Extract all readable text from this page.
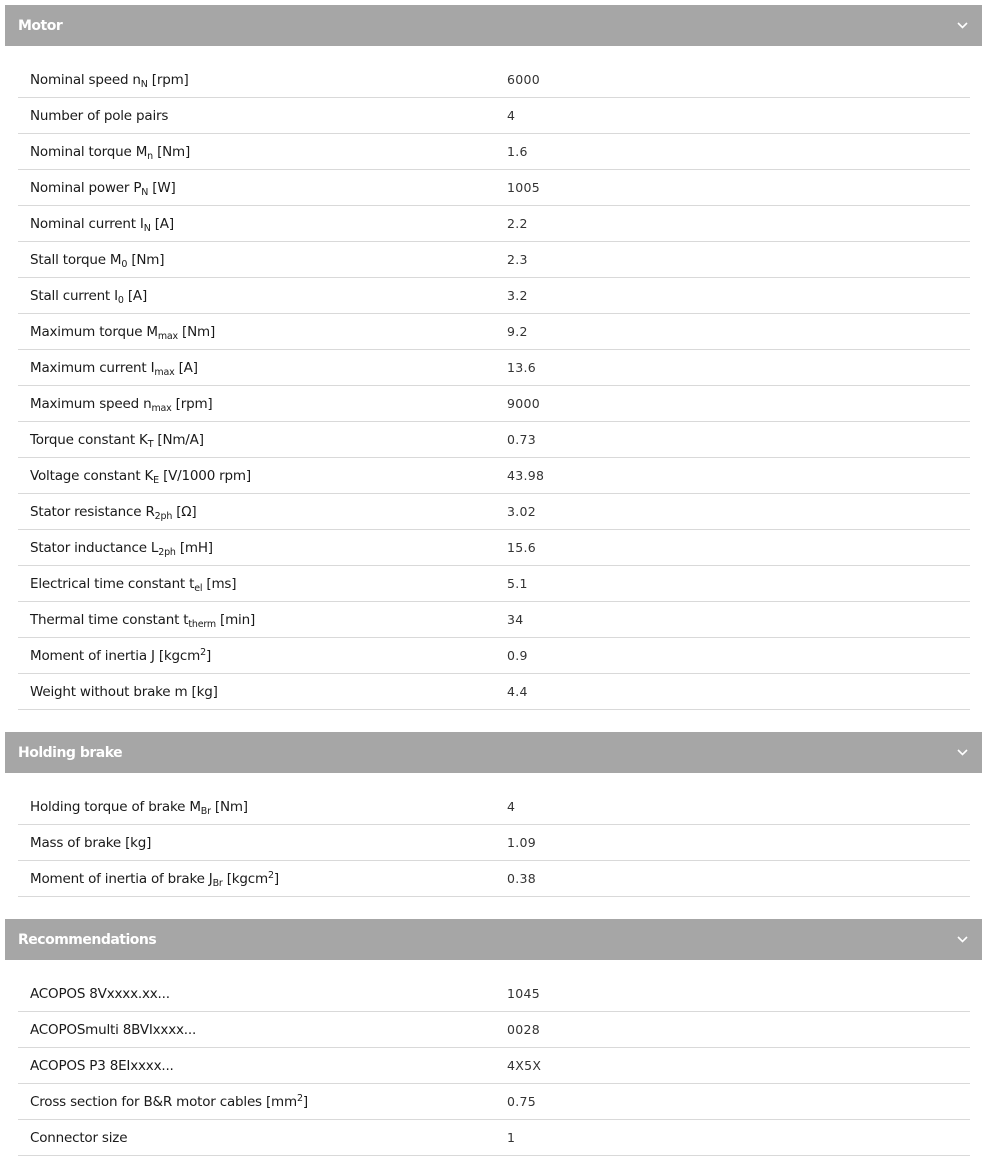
Motor
Nominal speed $n_N$ [rpm]	6000
Number of pole pairs	4
Nominal torque $M_n$ [Nm]	1.6
Nominal power $P_N$ [W]	1005
Nominal current $I_N$ [A]	2.2
Stall torque $M_0$ [Nm]	2.3
Stall current $I_0$ [A]	3.2
Maximum torque $M_{max}$ [Nm]	9.2
Maximum current $I_{max}$ [A]	13.6
Maximum speed $n_{max}$ [rpm]	9000
Torque constant $K_T$ [Nm/A]	0.73
Voltage constant $K_E$ [V/1000 rpm]	43.98
Stator resistance $R_{2ph}$ [Ω]	3.02
Stator inductance $L_{2ph}$ [mH]	15.6
Electrical time constant $t_{el}$ [ms]	5.1
Thermal time constant $t_{therm}$ [min]	34
Moment of inertia J [kgcm$^2$]	0.9
Weight without brake m [kg]	4.4
Holding brake
Holding torque of brake $M_{Br}$ [Nm]	4
Mass of brake [kg]	1.09
Moment of inertia of brake $J_{Br}$ [kgcm$^2$]	0.38
Recommendations
ACOPOS 8Vxxxx.xx...	1045
ACOPOSmulti 8BVIxxxx...	0028
ACOPOS P3 8EIxxxx...	4X5X
Cross section for B&R motor cables $[mm^2]$	0.75
Connector size	1
